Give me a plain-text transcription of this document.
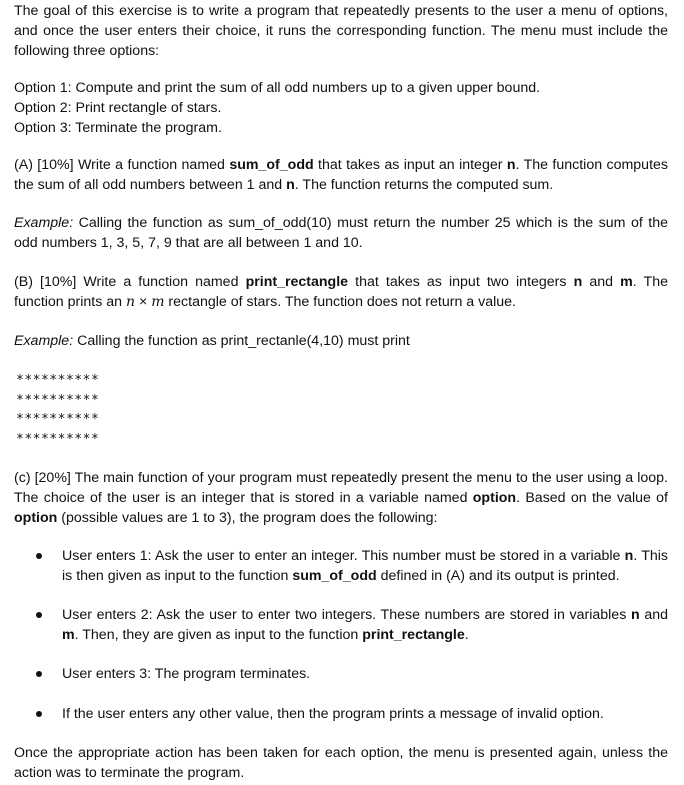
The goal of this exercise is to write a program that repeatedly presents to the user a menu of options, and once the user enters their choice, it runs the corresponding function. The menu must include the following three options:

Option 1: Compute and print the sum of all odd numbers up to a given upper bound.

Option 2: Print rectangle of stars.

Option 3: Terminate the program.

(A) [10%] Write a function named sum_of_odd that takes as input an integer n. The function computes the sum of all odd numbers between 1 and n. The function returns the computed sum.

Example: Calling the function as sum_of_odd(10) must return the number 25 which is the sum of the odd numbers 1, 3, 5, 7, 9 that are all between 1 and 10.

(B) [10%] Write a function named print_rectangle that takes as input two integers n and m. The function prints an n × m rectangle of stars. The function does not return a value.

Example: Calling the function as print_rectanle(4,10) must print

**********
**********
**********
**********

(c) [20%] The main function of your program must repeatedly present the menu to the user using a loop. The choice of the user is an integer that is stored in a variable named option. Based on the value of option (possible values are 1 to 3), the program does the following:

User enters 1: Ask the user to enter an integer. This number must be stored in a variable n. This is then given as input to the function sum_of_odd defined in (A) and its output is printed.
User enters 2: Ask the user to enter two integers. These numbers are stored in variables n and m. Then, they are given as input to the function print_rectangle.
User enters 3: The program terminates.
If the user enters any other value, then the program prints a message of invalid option.

Once the appropriate action has been taken for each option, the menu is presented again, unless the action was to terminate the program.
